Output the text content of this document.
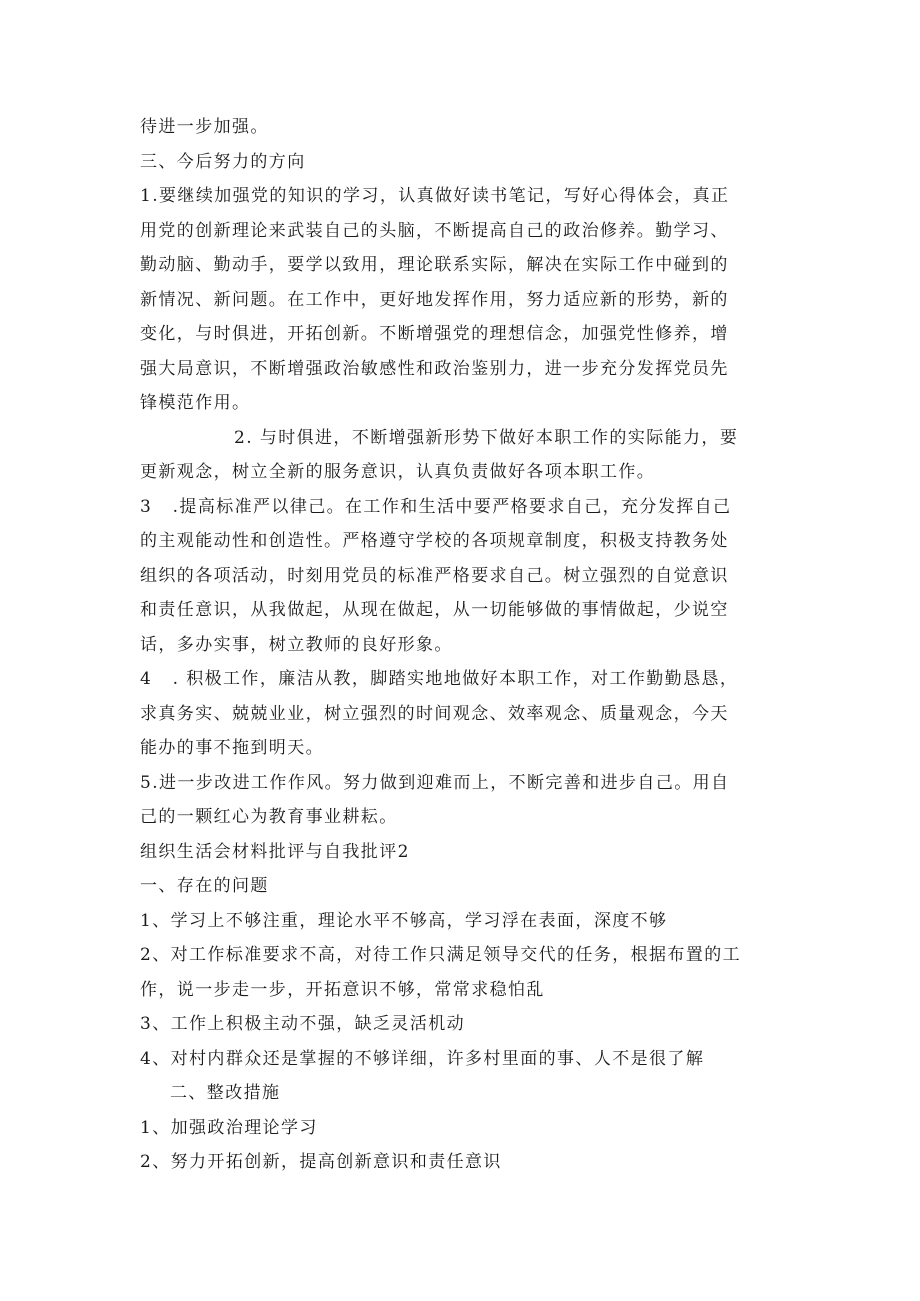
待进一步加强。
三、今后努力的方向
1.要继续加强党的知识的学习，认真做好读书笔记，写好心得体会，真正
用党的创新理论来武装自己的头脑，不断提高自己的政治修养。勤学习、
勤动脑、勤动手，要学以致用，理论联系实际，解决在实际工作中碰到的
新情况、新问题。在工作中，更好地发挥作用，努力适应新的形势，新的
变化，与时俱进，开拓创新。不断增强党的理想信念，加强党性修养，增
强大局意识，不断增强政治敏感性和政治鉴别力，进一步充分发挥党员先
锋模范作用。
2. 与时俱进，不断增强新形势下做好本职工作的实际能力，要
更新观念，树立全新的服务意识，认真负责做好各项本职工作。
3   .提高标准严以律己。在工作和生活中要严格要求自己，充分发挥自己
的主观能动性和创造性。严格遵守学校的各项规章制度，积极支持教务处
组织的各项活动，时刻用党员的标准严格要求自己。树立强烈的自觉意识
和责任意识，从我做起，从现在做起，从一切能够做的事情做起，少说空
话，多办实事，树立教师的良好形象。
4   . 积极工作，廉洁从教，脚踏实地地做好本职工作，对工作勤勤恳恳，
求真务实、兢兢业业，树立强烈的时间观念、效率观念、质量观念，今天
能办的事不拖到明天。
5.进一步改进工作作风。努力做到迎难而上，不断完善和进步自己。用自
己的一颗红心为教育事业耕耘。
组织生活会材料批评与自我批评2
一、存在的问题
1、学习上不够注重，理论水平不够高，学习浮在表面，深度不够
2、对工作标准要求不高，对待工作只满足领导交代的任务，根据布置的工
作，说一步走一步，开拓意识不够，常常求稳怕乱
3、工作上积极主动不强，缺乏灵活机动
4、对村内群众还是掌握的不够详细，许多村里面的事、人不是很了解
二、整改措施
1、加强政治理论学习
2、努力开拓创新，提高创新意识和责任意识
